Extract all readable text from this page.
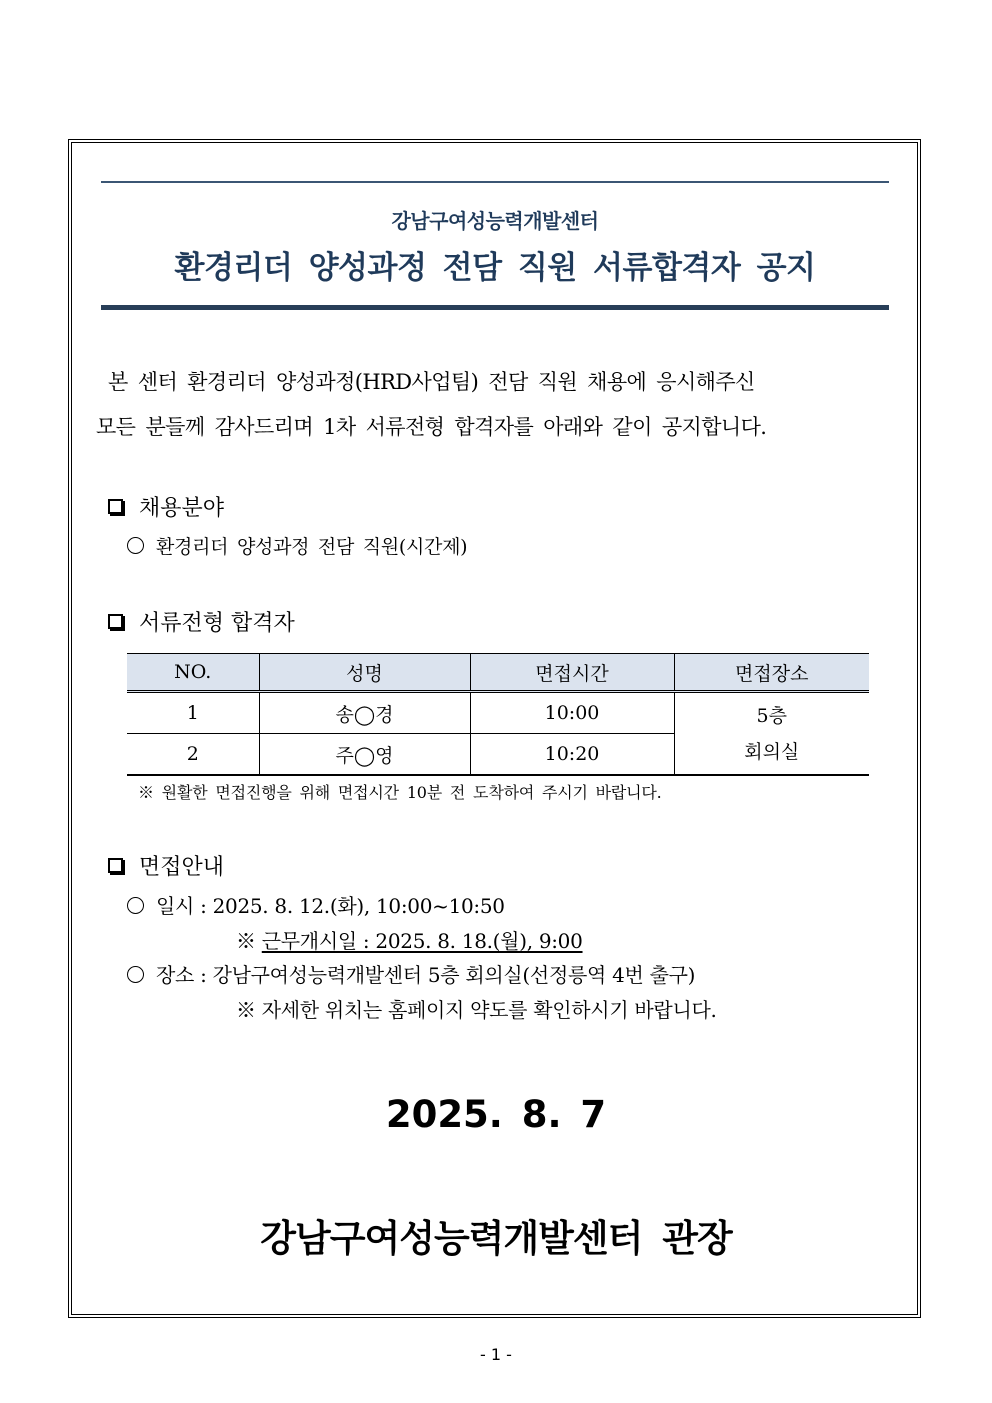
강남구여성능력개발센터
환경리더 양성과정 전담 직원 서류합격자 공지
본 센터 환경리더 양성과정(HRD사업팀) 전담 직원 채용에 응시해주신
모든 분들께 감사드리며 1차 서류전형 합격자를 아래와 같이 공지합니다.
채용분야
환경리더 양성과정 전담 직원(시간제)
서류전형 합격자
NO.	성명	면접시간	면접장소
1	송◯경	10:00	5층
회의실

2	주◯영	10:20	
※ 원활한 면접진행을 위해 면접시간 10분 전 도착하여 주시기 바랍니다.
면접안내
일시 : 2025. 8. 12.(화), 10:00~10:50
※ 근무개시일 : 2025. 8. 18.(월), 9:00
장소 : 강남구여성능력개발센터 5층 회의실(선정릉역 4번 출구)
※ 자세한 위치는 홈페이지 약도를 확인하시기 바랍니다.
2025. 8. 7
강남구여성능력개발센터 관장
- 1 -
